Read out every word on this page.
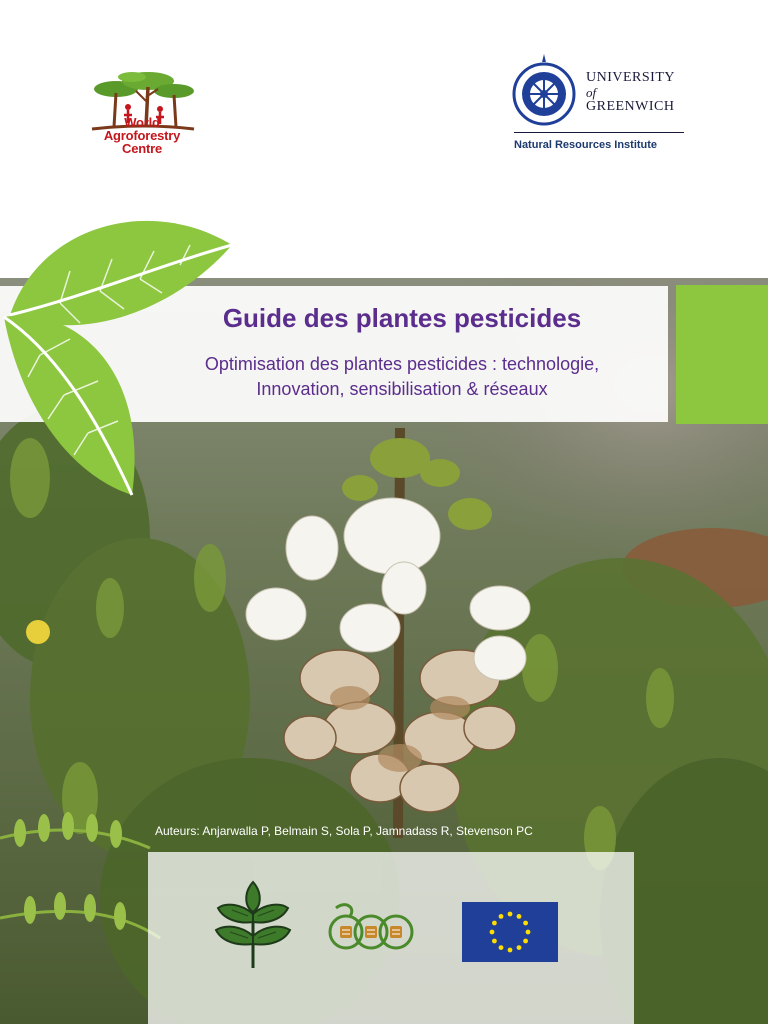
World
Agroforestry
Centre
UNIVERSITY
of
GREENWICH
Natural Resources Institute
Guide des plantes pesticides
Optimisation des plantes pesticides : technologie,
Innovation, sensibilisation & réseaux
Auteurs: Anjarwalla P, Belmain S, Sola P, Jamnadass R, Stevenson PC
